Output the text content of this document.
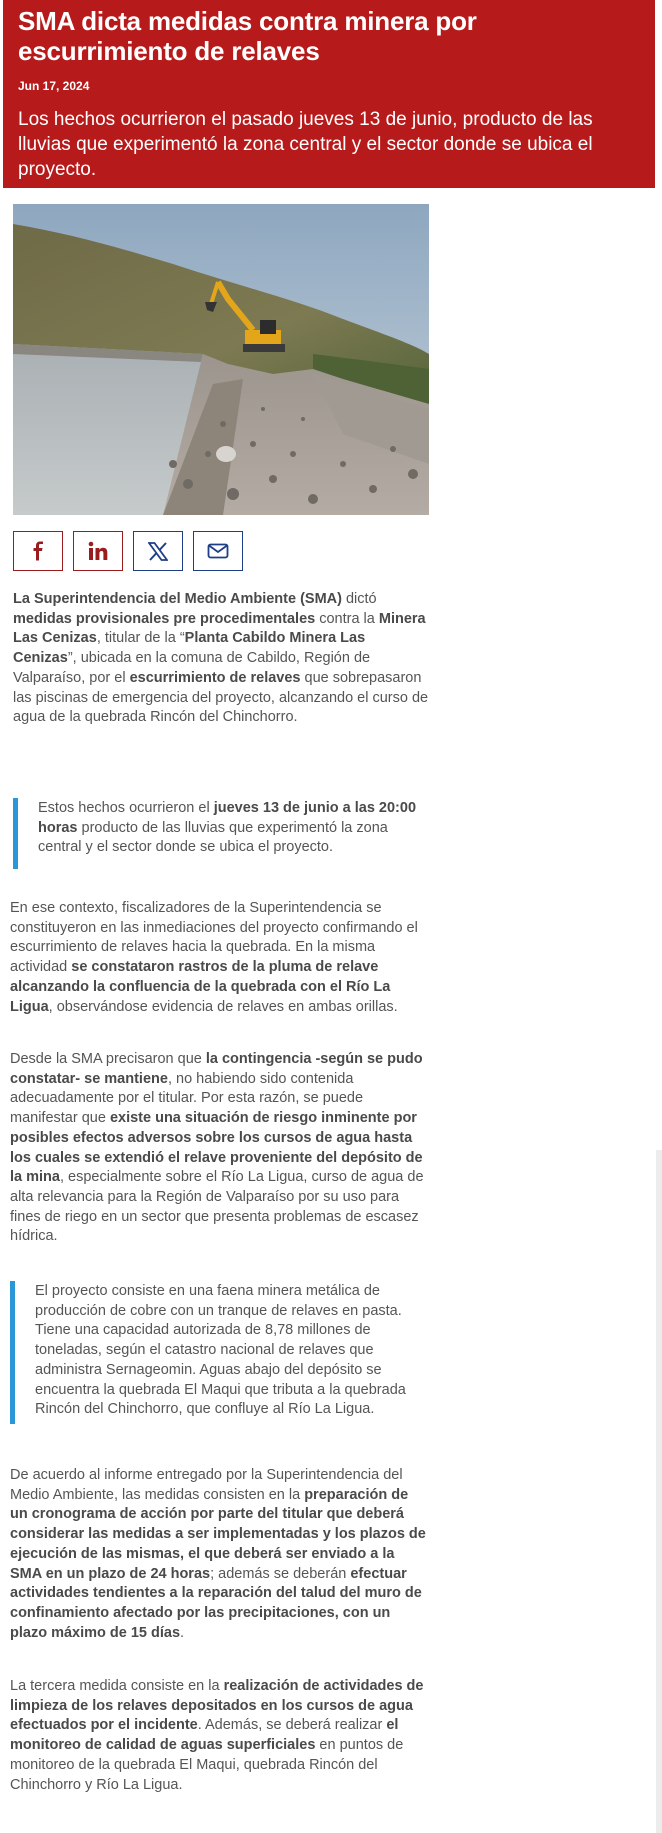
SMA dicta medidas contra minera por escurrimiento de relaves
Jun 17, 2024

Los hechos ocurrieron el pasado jueves 13 de junio, producto de las lluvias que experimentó la zona central y el sector donde se ubica el proyecto.

La Superintendencia del Medio Ambiente (SMA) dictó medidas provisionales pre procedimentales contra la Minera Las Cenizas, titular de la “Planta Cabildo Minera Las Cenizas”, ubicada en la comuna de Cabildo, Región de Valparaíso, por el escurrimiento de relaves que sobrepasaron las piscinas de emergencia del proyecto, alcanzando el curso de agua de la quebrada Rincón del Chinchorro.

Estos hechos ocurrieron el jueves 13 de junio a las 20:00 horas producto de las lluvias que experimentó la zona central y el sector donde se ubica el proyecto.

En ese contexto, fiscalizadores de la Superintendencia se constituyeron en las inmediaciones del proyecto confirmando el escurrimiento de relaves hacia la quebrada. En la misma actividad se constataron rastros de la pluma de relave alcanzando la confluencia de la quebrada con el Río La Ligua, observándose evidencia de relaves en ambas orillas.

Desde la SMA precisaron que la contingencia -según se pudo constatar- se mantiene, no habiendo sido contenida adecuadamente por el titular. Por esta razón, se puede manifestar que existe una situación de riesgo inminente por posibles efectos adversos sobre los cursos de agua hasta los cuales se extendió el relave proveniente del depósito de la mina, especialmente sobre el Río La Ligua, curso de agua de alta relevancia para la Región de Valparaíso por su uso para fines de riego en un sector que presenta problemas de escasez hídrica.

El proyecto consiste en una faena minera metálica de producción de cobre con un tranque de relaves en pasta. Tiene una capacidad autorizada de 8,78 millones de toneladas, según el catastro nacional de relaves que administra Sernageomin. Aguas abajo del depósito se encuentra la quebrada El Maqui que tributa a la quebrada Rincón del Chinchorro, que confluye al Río La Ligua.

De acuerdo al informe entregado por la Superintendencia del Medio Ambiente, las medidas consisten en la preparación de un cronograma de acción por parte del titular que deberá considerar las medidas a ser implementadas y los plazos de ejecución de las mismas, el que deberá ser enviado a la SMA en un plazo de 24 horas; además se deberán efectuar actividades tendientes a la reparación del talud del muro de confinamiento afectado por las precipitaciones, con un plazo máximo de 15 días.

La tercera medida consiste en la realización de actividades de limpieza de los relaves depositados en los cursos de agua efectuados por el incidente. Además, se deberá realizar el monitoreo de calidad de aguas superficiales en puntos de monitoreo de la quebrada El Maqui, quebrada Rincón del Chinchorro y Río La Ligua.
